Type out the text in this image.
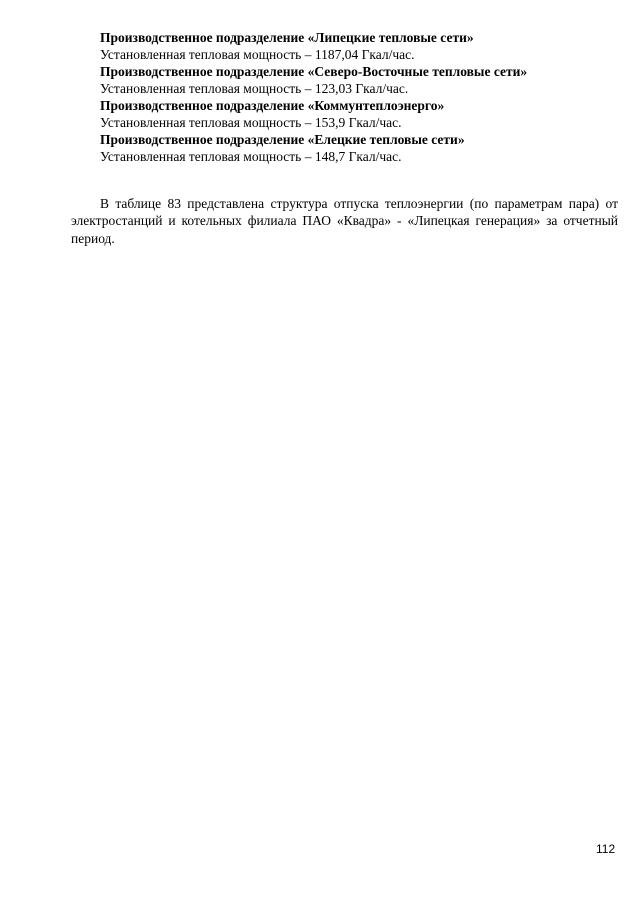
Производственное подразделение «Липецкие тепловые сети»
Установленная тепловая мощность – 1187,04 Гкал/час.
Производственное подразделение «Северо-Восточные тепловые сети»
Установленная тепловая мощность – 123,03 Гкал/час.
Производственное подразделение «Коммунтеплоэнерго»
Установленная тепловая мощность – 153,9 Гкал/час.
Производственное подразделение «Елецкие тепловые сети»
Установленная тепловая мощность – 148,7 Гкал/час.

В таблице 83 представлена структура отпуска теплоэнергии (по параметрам пара) от электростанций и котельных филиала ПАО «Квадра» - «Липецкая генерация» за отчетный период.

112
